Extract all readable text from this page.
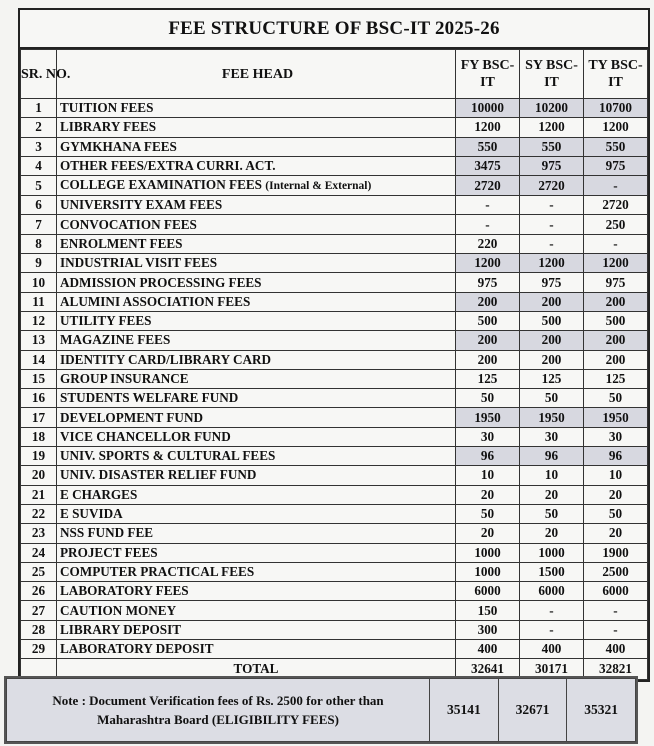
FEE STRUCTURE OF BSC-IT 2025-26
SR. NO.	FEE HEAD	FY BSC-IT	SY BSC-IT	TY BSC-IT
1	TUITION FEES	10000	10200	10700
2	LIBRARY FEES	1200	1200	1200
3	GYMKHANA FEES	550	550	550
4	OTHER FEES/EXTRA CURRI. ACT.	3475	975	975
5	COLLEGE EXAMINATION FEES (Internal & External)	2720	2720	-
6	UNIVERSITY EXAM FEES	-	-	2720
7	CONVOCATION FEES	-	-	250
8	ENROLMENT FEES	220	-	-
9	INDUSTRIAL VISIT FEES	1200	1200	1200
10	ADMISSION PROCESSING FEES	975	975	975
11	ALUMINI ASSOCIATION FEES	200	200	200
12	UTILITY FEES	500	500	500
13	MAGAZINE FEES	200	200	200
14	IDENTITY CARD/LIBRARY CARD	200	200	200
15	GROUP INSURANCE	125	125	125
16	STUDENTS WELFARE FUND	50	50	50
17	DEVELOPMENT FUND	1950	1950	1950
18	VICE CHANCELLOR FUND	30	30	30
19	UNIV. SPORTS & CULTURAL FEES	96	96	96
20	UNIV. DISASTER RELIEF FUND	10	10	10
21	E CHARGES	20	20	20
22	E SUVIDA	50	50	50
23	NSS FUND FEE	20	20	20
24	PROJECT FEES	1000	1000	1900
25	COMPUTER PRACTICAL FEES	1000	1500	2500
26	LABORATORY FEES	6000	6000	6000
27	CAUTION MONEY	150	-	-
28	LIBRARY DEPOSIT	300	-	-
29	LABORATORY DEPOSIT	400	400	400
	TOTAL	32641	30171	32821
Note : Document Verification fees of Rs. 2500 for other than
Maharashtra Board (ELIGIBILITY FEES)
	35141	32671	35321
